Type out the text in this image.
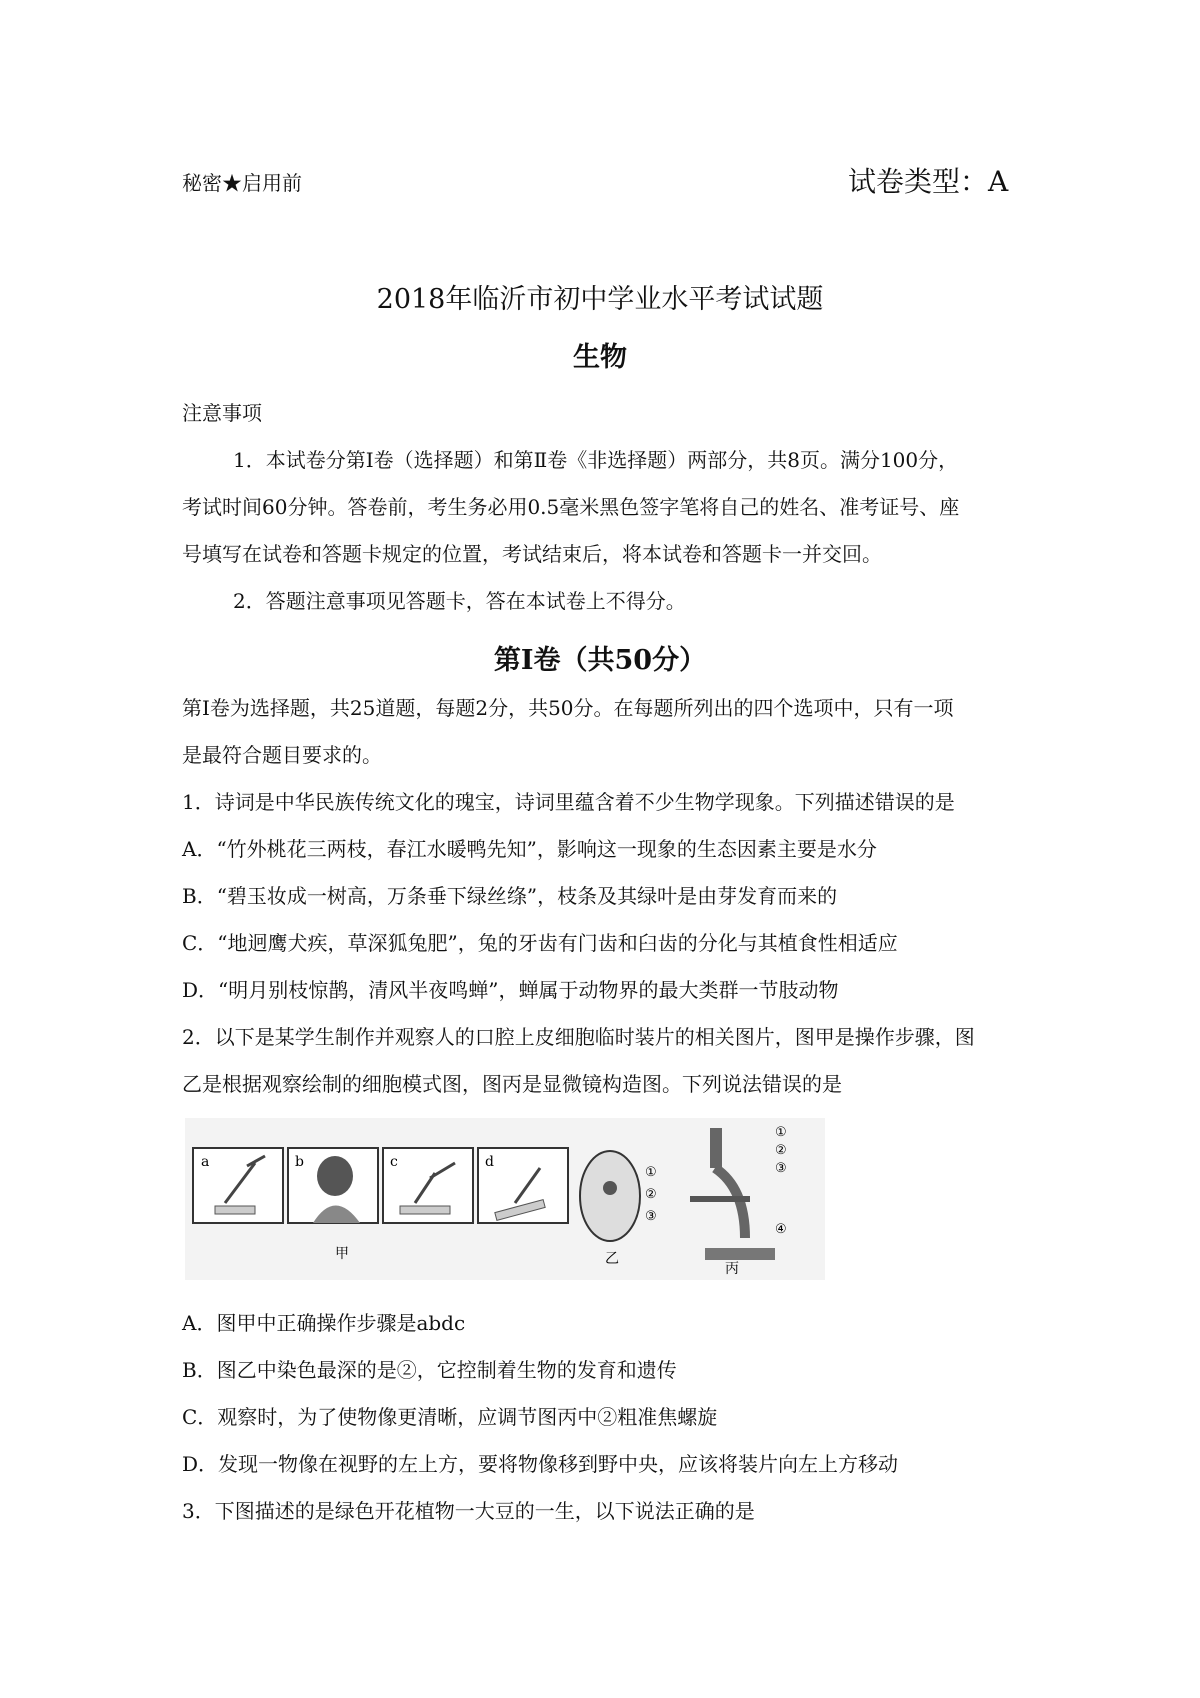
秘密★启用前	试卷类型：A
2018年临沂市初中学业水平考试试题
生物
注意事项
1．本试卷分第Ⅰ卷（选择题）和第Ⅱ卷《非选择题）两部分，共8页。满分100分，
考试时间60分钟。答卷前，考生务必用0.5毫米黑色签字笔将自己的姓名、准考证号、座
号填写在试卷和答题卡规定的位置，考试结束后，将本试卷和答题卡一并交回。
2．答题注意事项见答题卡，答在本试卷上不得分。
第Ⅰ卷（共50分）
第Ⅰ卷为选择题，共25道题，每题2分，共50分。在每题所列出的四个选项中，只有一项
是最符合题目要求的。
1．诗词是中华民族传统文化的瑰宝，诗词里蕴含着不少生物学现象。下列描述错误的是
A．“竹外桃花三两枝，春江水暖鸭先知”，影响这一现象的生态因素主要是水分
B．“碧玉妆成一树高，万条垂下绿丝绦”，枝条及其绿叶是由芽发育而来的
C．“地迥鹰犬疾，草深狐兔肥”，兔的牙齿有门齿和臼齿的分化与其植食性相适应
D．“明月别枝惊鹊，清风半夜鸣蝉”，蝉属于动物界的最大类群一节肢动物
2．以下是某学生制作并观察人的口腔上皮细胞临时装片的相关图片，图甲是操作步骤，图
乙是根据观察绘制的细胞模式图，图丙是显微镜构造图。下列说法错误的是
a	b	c	d
甲
①
②
③
乙
①
②
③
④
丙
A．图甲中正确操作步骤是abdc
B．图乙中染色最深的是②，它控制着生物的发育和遗传
C．观察时，为了使物像更清晰，应调节图丙中②粗准焦螺旋
D．发现一物像在视野的左上方，要将物像移到野中央，应该将装片向左上方移动
3．下图描述的是绿色开花植物一大豆的一生，以下说法正确的是
